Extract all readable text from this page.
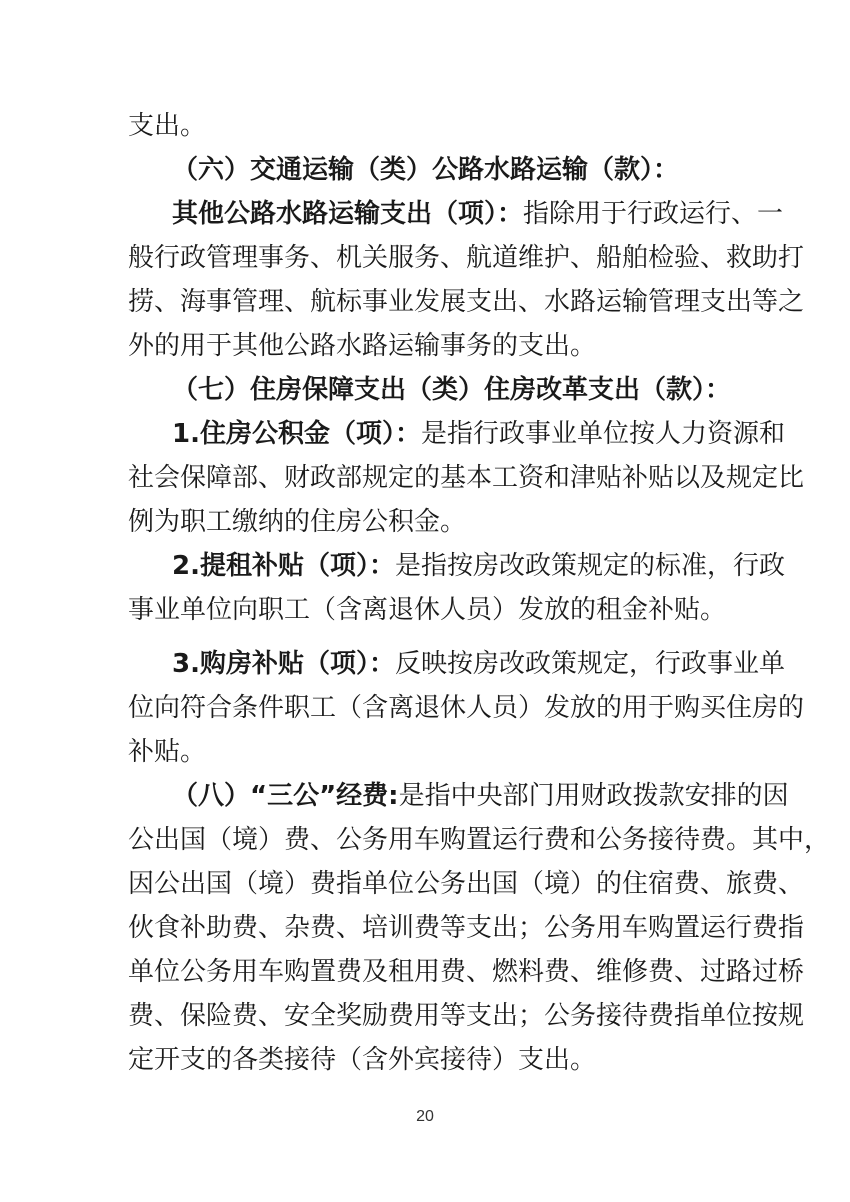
支出。
（六）交通运输（类）公路水路运输（款）：
其他公路水路运输支出（项）：指除用于行政运行、一
般行政管理事务、机关服务、航道维护、船舶检验、救助打
捞、海事管理、航标事业发展支出、水路运输管理支出等之
外的用于其他公路水路运输事务的支出。
（七）住房保障支出（类）住房改革支出（款）：
1.住房公积金（项）：是指行政事业单位按人力资源和
社会保障部、财政部规定的基本工资和津贴补贴以及规定比
例为职工缴纳的住房公积金。
2.提租补贴（项）：是指按房改政策规定的标准，行政
事业单位向职工（含离退休人员）发放的租金补贴。
3.购房补贴（项）：反映按房改政策规定，行政事业单
位向符合条件职工（含离退休人员）发放的用于购买住房的
补贴。
（八）“三公”经费:是指中央部门用财政拨款安排的因
公出国（境）费、公务用车购置运行费和公务接待费。其中，
因公出国（境）费指单位公务出国（境）的住宿费、旅费、
伙食补助费、杂费、培训费等支出；公务用车购置运行费指
单位公务用车购置费及租用费、燃料费、维修费、过路过桥
费、保险费、安全奖励费用等支出；公务接待费指单位按规
定开支的各类接待（含外宾接待）支出。
20
